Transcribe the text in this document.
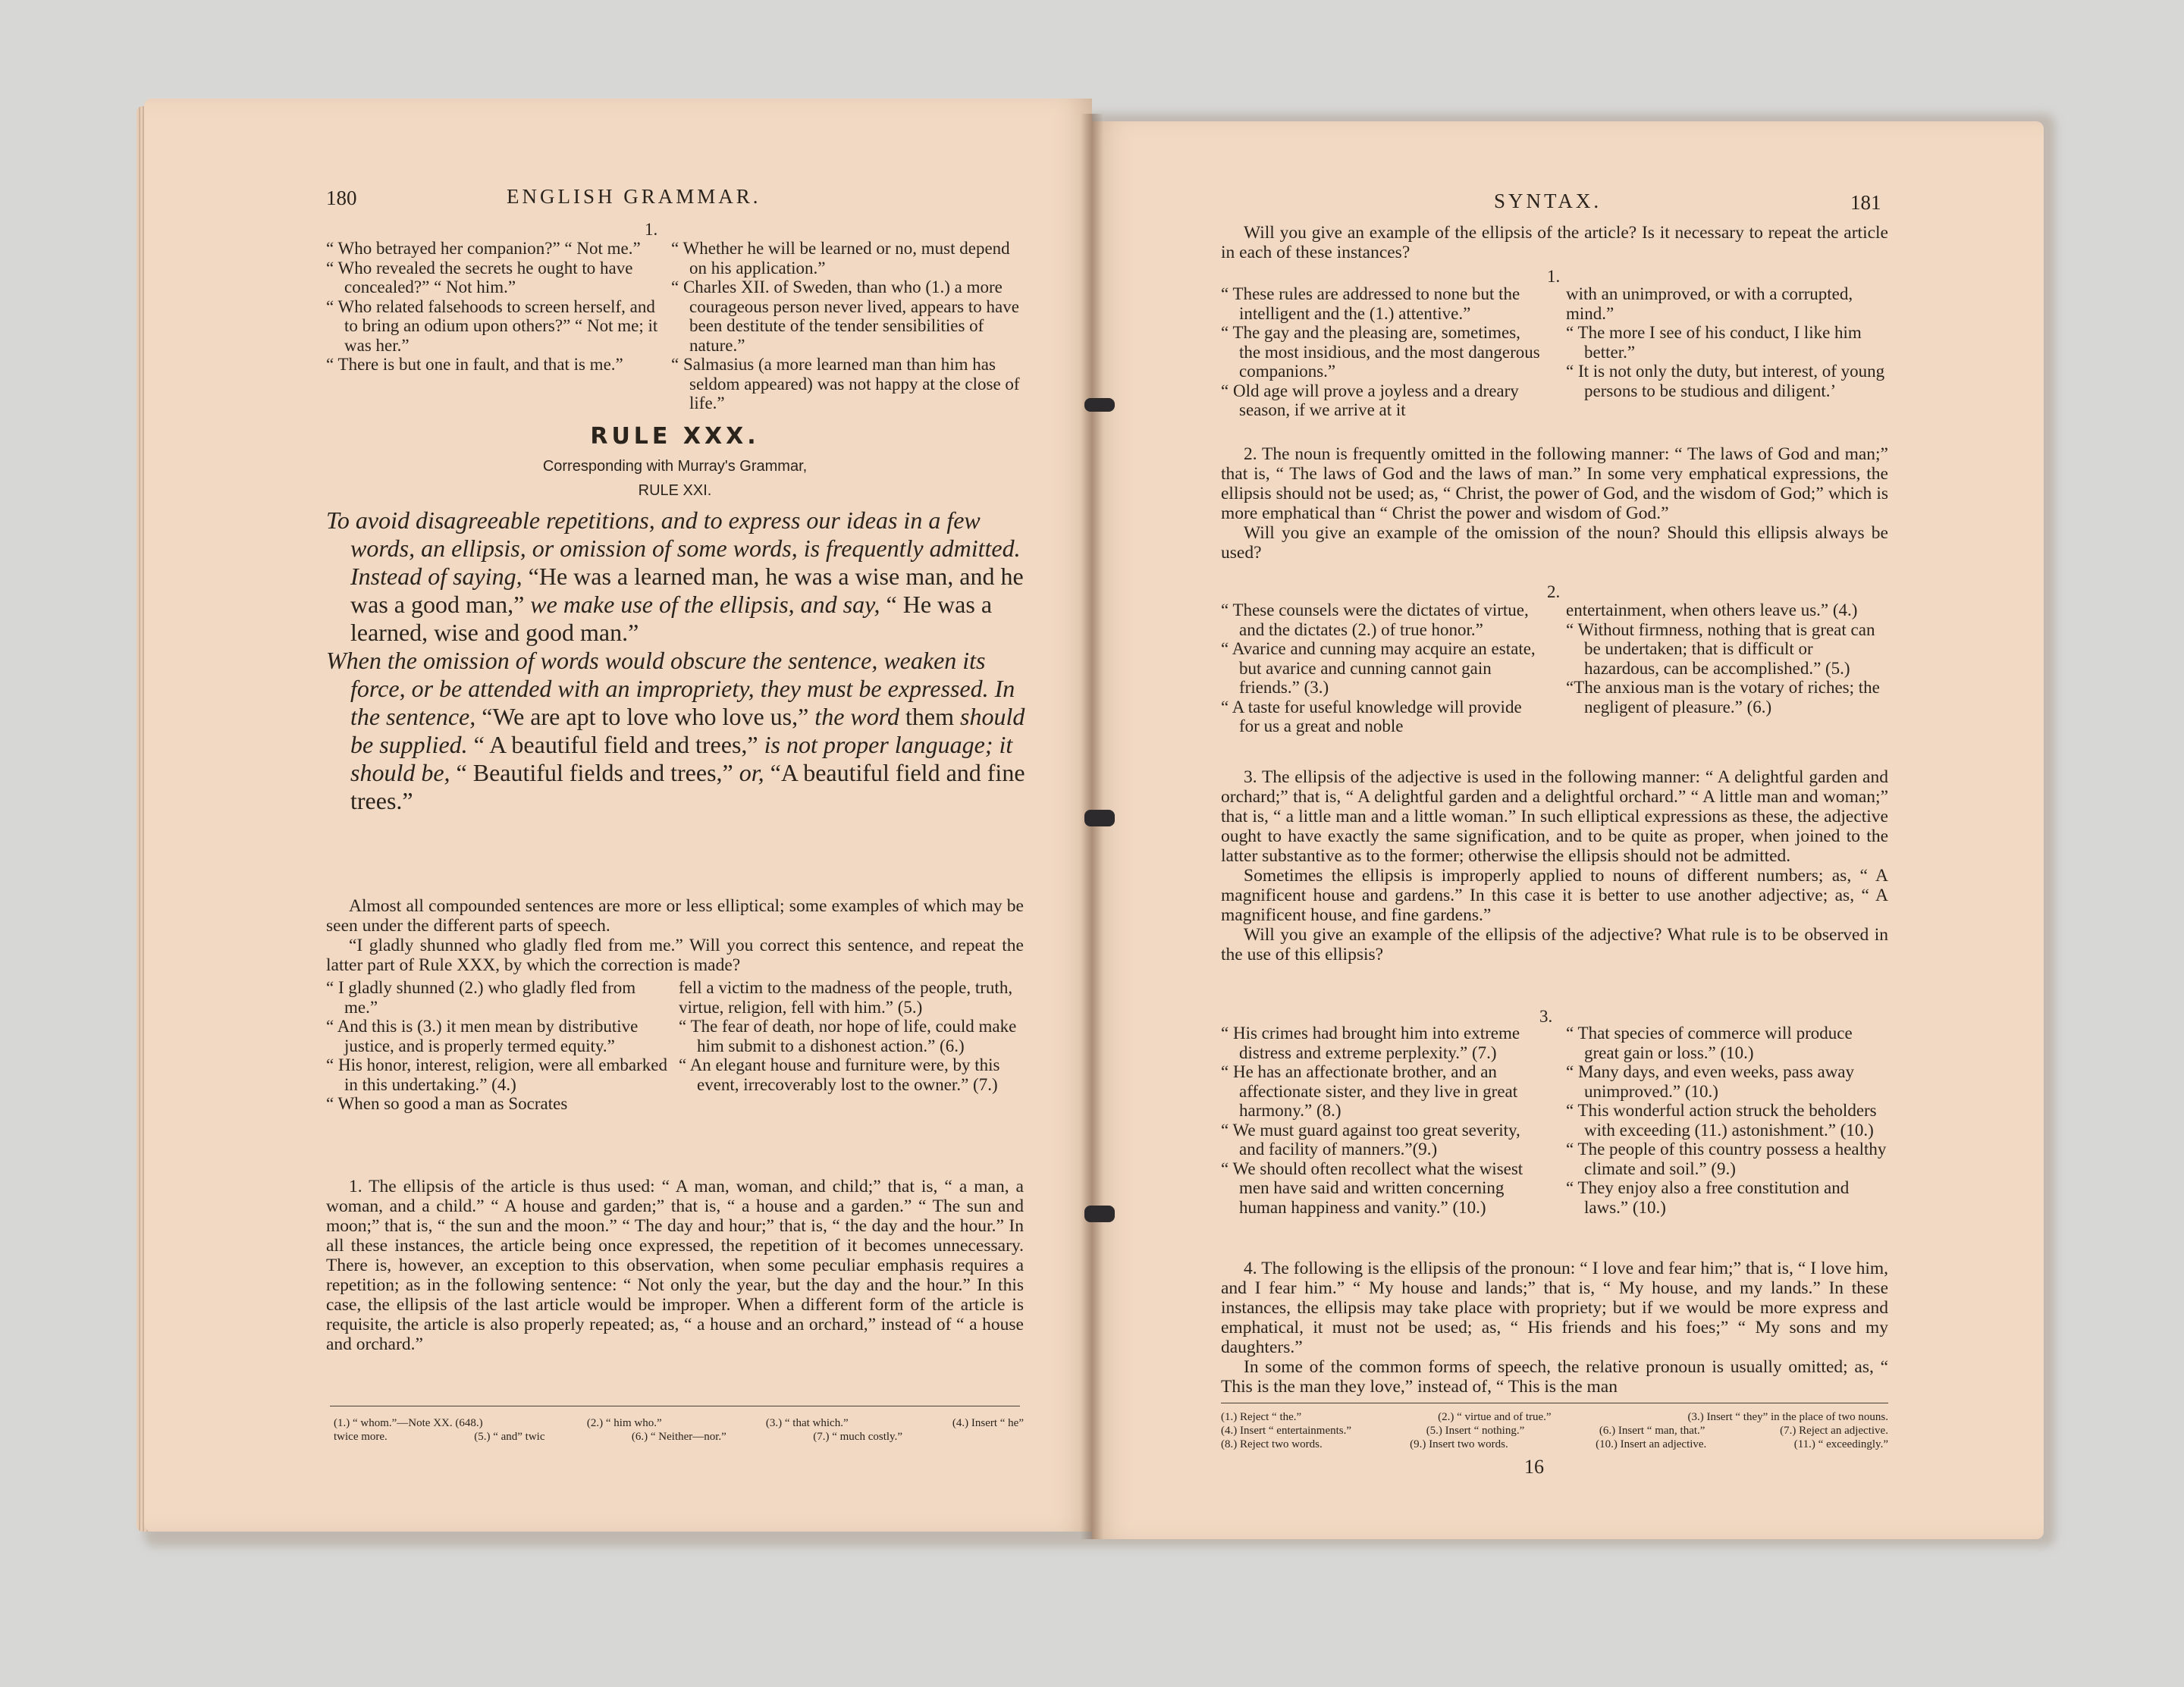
180	ENGLISH GRAMMAR.
1.

“ Who betrayed her companion?” “ Not me.”

“ Who revealed the secrets he ought to have concealed?” “ Not him.”

“ Who related falsehoods to screen herself, and to bring an odium upon others?” “ Not me; it was her.”

“ There is but one in fault, and that is me.”

“ Whether he will be learned or no, must depend on his application.”

“ Charles XII. of Sweden, than who (1.) a more courageous person never lived, appears to have been destitute of the tender sensibilities of nature.”

“ Salmasius (a more learned man than him has seldom appeared) was not happy at the close of life.”

RULE XXX.
Corresponding with Murray's Grammar,
RULE XXI.

To avoid disagreeable repetitions, and to express our ideas in a few words, an ellipsis, or omission of some words, is frequently admitted. Instead of saying, “He was a learned man, he was a wise man, and he was a good man,” we make use of the ellipsis, and say, “ He was a learned, wise and good man.”

When the omission of words would obscure the sentence, weaken its force, or be attended with an impropriety, they must be expressed. In the sentence, “We are apt to love who love us,” the word them should be supplied. “ A beautiful field and trees,” is not proper language; it should be, “ Beautiful fields and trees,” or, “A beautiful field and fine trees.”

Almost all compounded sentences are more or less elliptical; some examples of which may be seen under the different parts of speech.

“I gladly shunned who gladly fled from me.” Will you correct this sentence, and repeat the latter part of Rule XXX, by which the correction is made?

“ I gladly shunned (2.) who gladly fled from me.”

“ And this is (3.) it men mean by distributive justice, and is properly termed equity.”

“ His honor, interest, religion, were all embarked in this undertaking.” (4.)

“ When so good a man as Socrates

fell a victim to the madness of the people, truth, virtue, religion, fell with him.” (5.)

“ The fear of death, nor hope of life, could make him submit to a dishonest action.” (6.)

“ An elegant house and furniture were, by this event, irrecoverably lost to the owner.” (7.)

1. The ellipsis of the article is thus used: “ A man, woman, and child;” that is, “ a man, a woman, and a child.” “ A house and garden;” that is, “ a house and a garden.” “ The sun and moon;” that is, “ the sun and the moon.” “ The day and hour;” that is, “ the day and the hour.” In all these instances, the article being once expressed, the repetition of it becomes unnecessary. There is, however, an exception to this observation, when some peculiar emphasis requires a repetition; as in the following sentence: “ Not only the year, but the day and the hour.” In this case, the ellipsis of the last article would be improper. When a different form of the article is requisite, the article is also properly repeated; as, “ a house and an orchard,” instead of “ a house and orchard.”

(1.) “ whom.”—Note XX. (648.)	(2.) “ him who.”	(3.) “ that which.”	(4.) Insert “ he”
twice more.	(5.) “ and” twic	(6.) “ Neither—nor.”	(7.) “ much costly.”
SYNTAX.	181

Will you give an example of the ellipsis of the article? Is it necessary to repeat the article in each of these instances?

1.

“ These rules are addressed to none but the intelligent and the (1.) attentive.”

“ The gay and the pleasing are, sometimes, the most insidious, and the most dangerous companions.”

“ Old age will prove a joyless and a dreary season, if we arrive at it

with an unimproved, or with a corrupted, mind.”

“ The more I see of his conduct, I like him better.”

“ It is not only the duty, but interest, of young persons to be studious and diligent.’

2. The noun is frequently omitted in the following manner: “ The laws of God and man;” that is, “ The laws of God and the laws of man.” In some very emphatical expressions, the ellipsis should not be used; as, “ Christ, the power of God, and the wisdom of God;” which is more emphatical than “ Christ the power and wisdom of God.”

Will you give an example of the omission of the noun? Should this ellipsis always be used?

2.

“ These counsels were the dictates of virtue, and the dictates (2.) of true honor.”

“ Avarice and cunning may acquire an estate, but avarice and cunning cannot gain friends.” (3.)

“ A taste for useful knowledge will provide for us a great and noble

entertainment, when others leave us.” (4.)

“ Without firmness, nothing that is great can be undertaken; that is difficult or hazardous, can be accomplished.” (5.)

“The anxious man is the votary of riches; the negligent of pleasure.” (6.)

3. The ellipsis of the adjective is used in the following manner: “ A delightful garden and orchard;” that is, “ A delightful garden and a delightful orchard.” “ A little man and woman;” that is, “ a little man and a little woman.” In such elliptical expressions as these, the adjective ought to have exactly the same signification, and to be quite as proper, when joined to the latter substantive as to the former; otherwise the ellipsis should not be admitted.

Sometimes the ellipsis is improperly applied to nouns of different numbers; as, “ A magnificent house and gardens.” In this case it is better to use another adjective; as, “ A magnificent house, and fine gardens.”

Will you give an example of the ellipsis of the adjective? What rule is to be observed in the use of this ellipsis?

3.

“ His crimes had brought him into extreme distress and extreme perplexity.” (7.)

“ He has an affectionate brother, and an affectionate sister, and they live in great harmony.” (8.)

“ We must guard against too great severity, and facility of manners.”(9.)

“ We should often recollect what the wisest men have said and written concerning human happiness and vanity.” (10.)

“ That species of commerce will produce great gain or loss.” (10.)

“ Many days, and even weeks, pass away unimproved.” (10.)

“ This wonderful action struck the beholders with exceeding (11.) astonishment.” (10.)

“ The people of this country possess a healthy climate and soil.” (9.)

“ They enjoy also a free constitution and laws.” (10.)

4. The following is the ellipsis of the pronoun: “ I love and fear him;” that is, “ I love him, and I fear him.” “ My house and lands;” that is, “ My house, and my lands.” In these instances, the ellipsis may take place with propriety; but if we would be more express and emphatical, it must not be used; as, “ His friends and his foes;” “ My sons and my daughters.”

In some of the common forms of speech, the relative pronoun is usually omitted; as, “ This is the man they love,” instead of, “ This is the man

(1.) Reject “ the.”	(2.) “ virtue and of true.”	(3.) Insert “ they” in the place of two nouns.
(4.) Insert “ entertainments.”	(5.) Insert “ nothing.”	(6.) Insert “ man, that.”	(7.) Reject an adjective.
(8.) Reject two words.	(9.) Insert two words.	(10.) Insert an adjective.	(11.) “ exceedingly.”
16
